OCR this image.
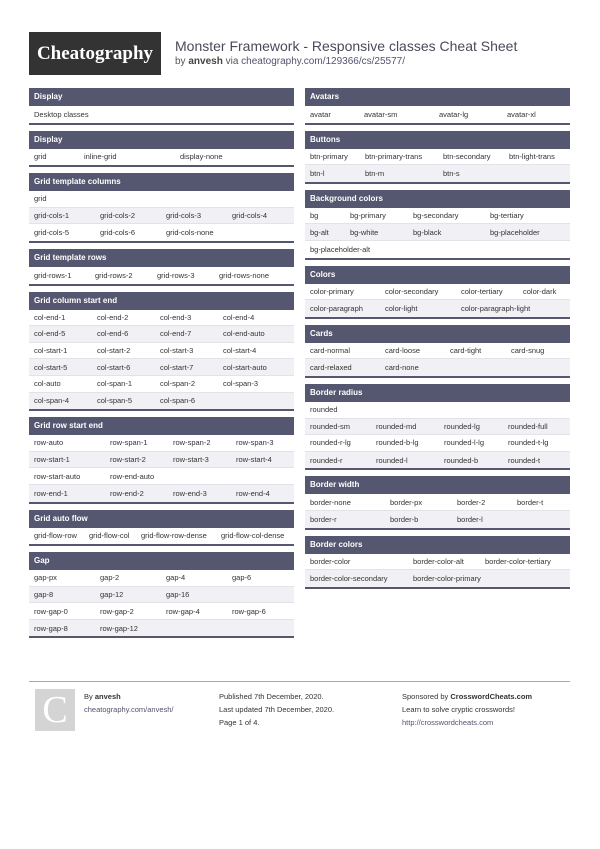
Cheatography	Monster Framework - Responsive classes Cheat Sheet
by anvesh via cheatography.com/129366/cs/25577/
Display
Desktop classes
Display
grid	inline-grid	display-none
Grid template columns
grid
grid-cols-1	grid-cols-2	grid-cols-3	grid-cols-4
grid-cols-5	grid-cols-6	grid-cols-none
Grid template rows
grid-rows-1	grid-rows-2	grid-rows-3	grid-rows-none
Grid column start end
col-end-1	col-end-2	col-end-3	col-end-4
col-end-5	col-end-6	col-end-7	col-end-auto
col-start-1	col-start-2	col-start-3	col-start-4
col-start-5	col-start-6	col-start-7	col-start-auto
col-auto	col-span-1	col-span-2	col-span-3
col-span-4	col-span-5	col-span-6
Grid row start end
row-auto	row-span-1	row-span-2	row-span-3
row-start-1	row-start-2	row-start-3	row-start-4
row-start-auto	row-end-auto
row-end-1	row-end-2	row-end-3	row-end-4
Grid auto flow
grid-flow-row	grid-flow-col	grid-flow-row-dense	grid-flow-col-dense
Gap
gap-px	gap-2	gap-4	gap-6
gap-8	gap-12	gap-16
row-gap-0	row-gap-2	row-gap-4	row-gap-6
row-gap-8	row-gap-12
Avatars
avatar	avatar-sm	avatar-lg	avatar-xl
Buttons
btn-primary	btn-primary-trans	btn-secondary	btn-light-trans
btn-l	btn-m	btn-s
Background colors
bg	bg-primary	bg-secondary	bg-tertiary
bg-alt	bg-white	bg-black	bg-placeholder
bg-placeholder-alt
Colors
color-primary	color-secondary	color-tertiary	color-dark
color-paragraph	color-light	color-paragraph-light
Cards
card-normal	card-loose	card-tight	card-snug
card-relaxed	card-none
Border radius
rounded
rounded-sm	rounded-md	rounded-lg	rounded-full
rounded-r-lg	rounded-b-lg	rounded-l-lg	rounded-t-lg
rounded-r	rounded-l	rounded-b	rounded-t
Border width
border-none	border-px	border-2	border-t
border-r	border-b	border-l
Border colors
border-color	border-color-alt	border-color-tertiary
border-color-secondary	border-color-primary
C	By anvesh
cheatography.com/anvesh/
Published 7th December, 2020.
Last updated 7th December, 2020.
Page 1 of 4.
Sponsored by CrosswordCheats.com
Learn to solve cryptic crosswords!
http://crosswordcheats.com
